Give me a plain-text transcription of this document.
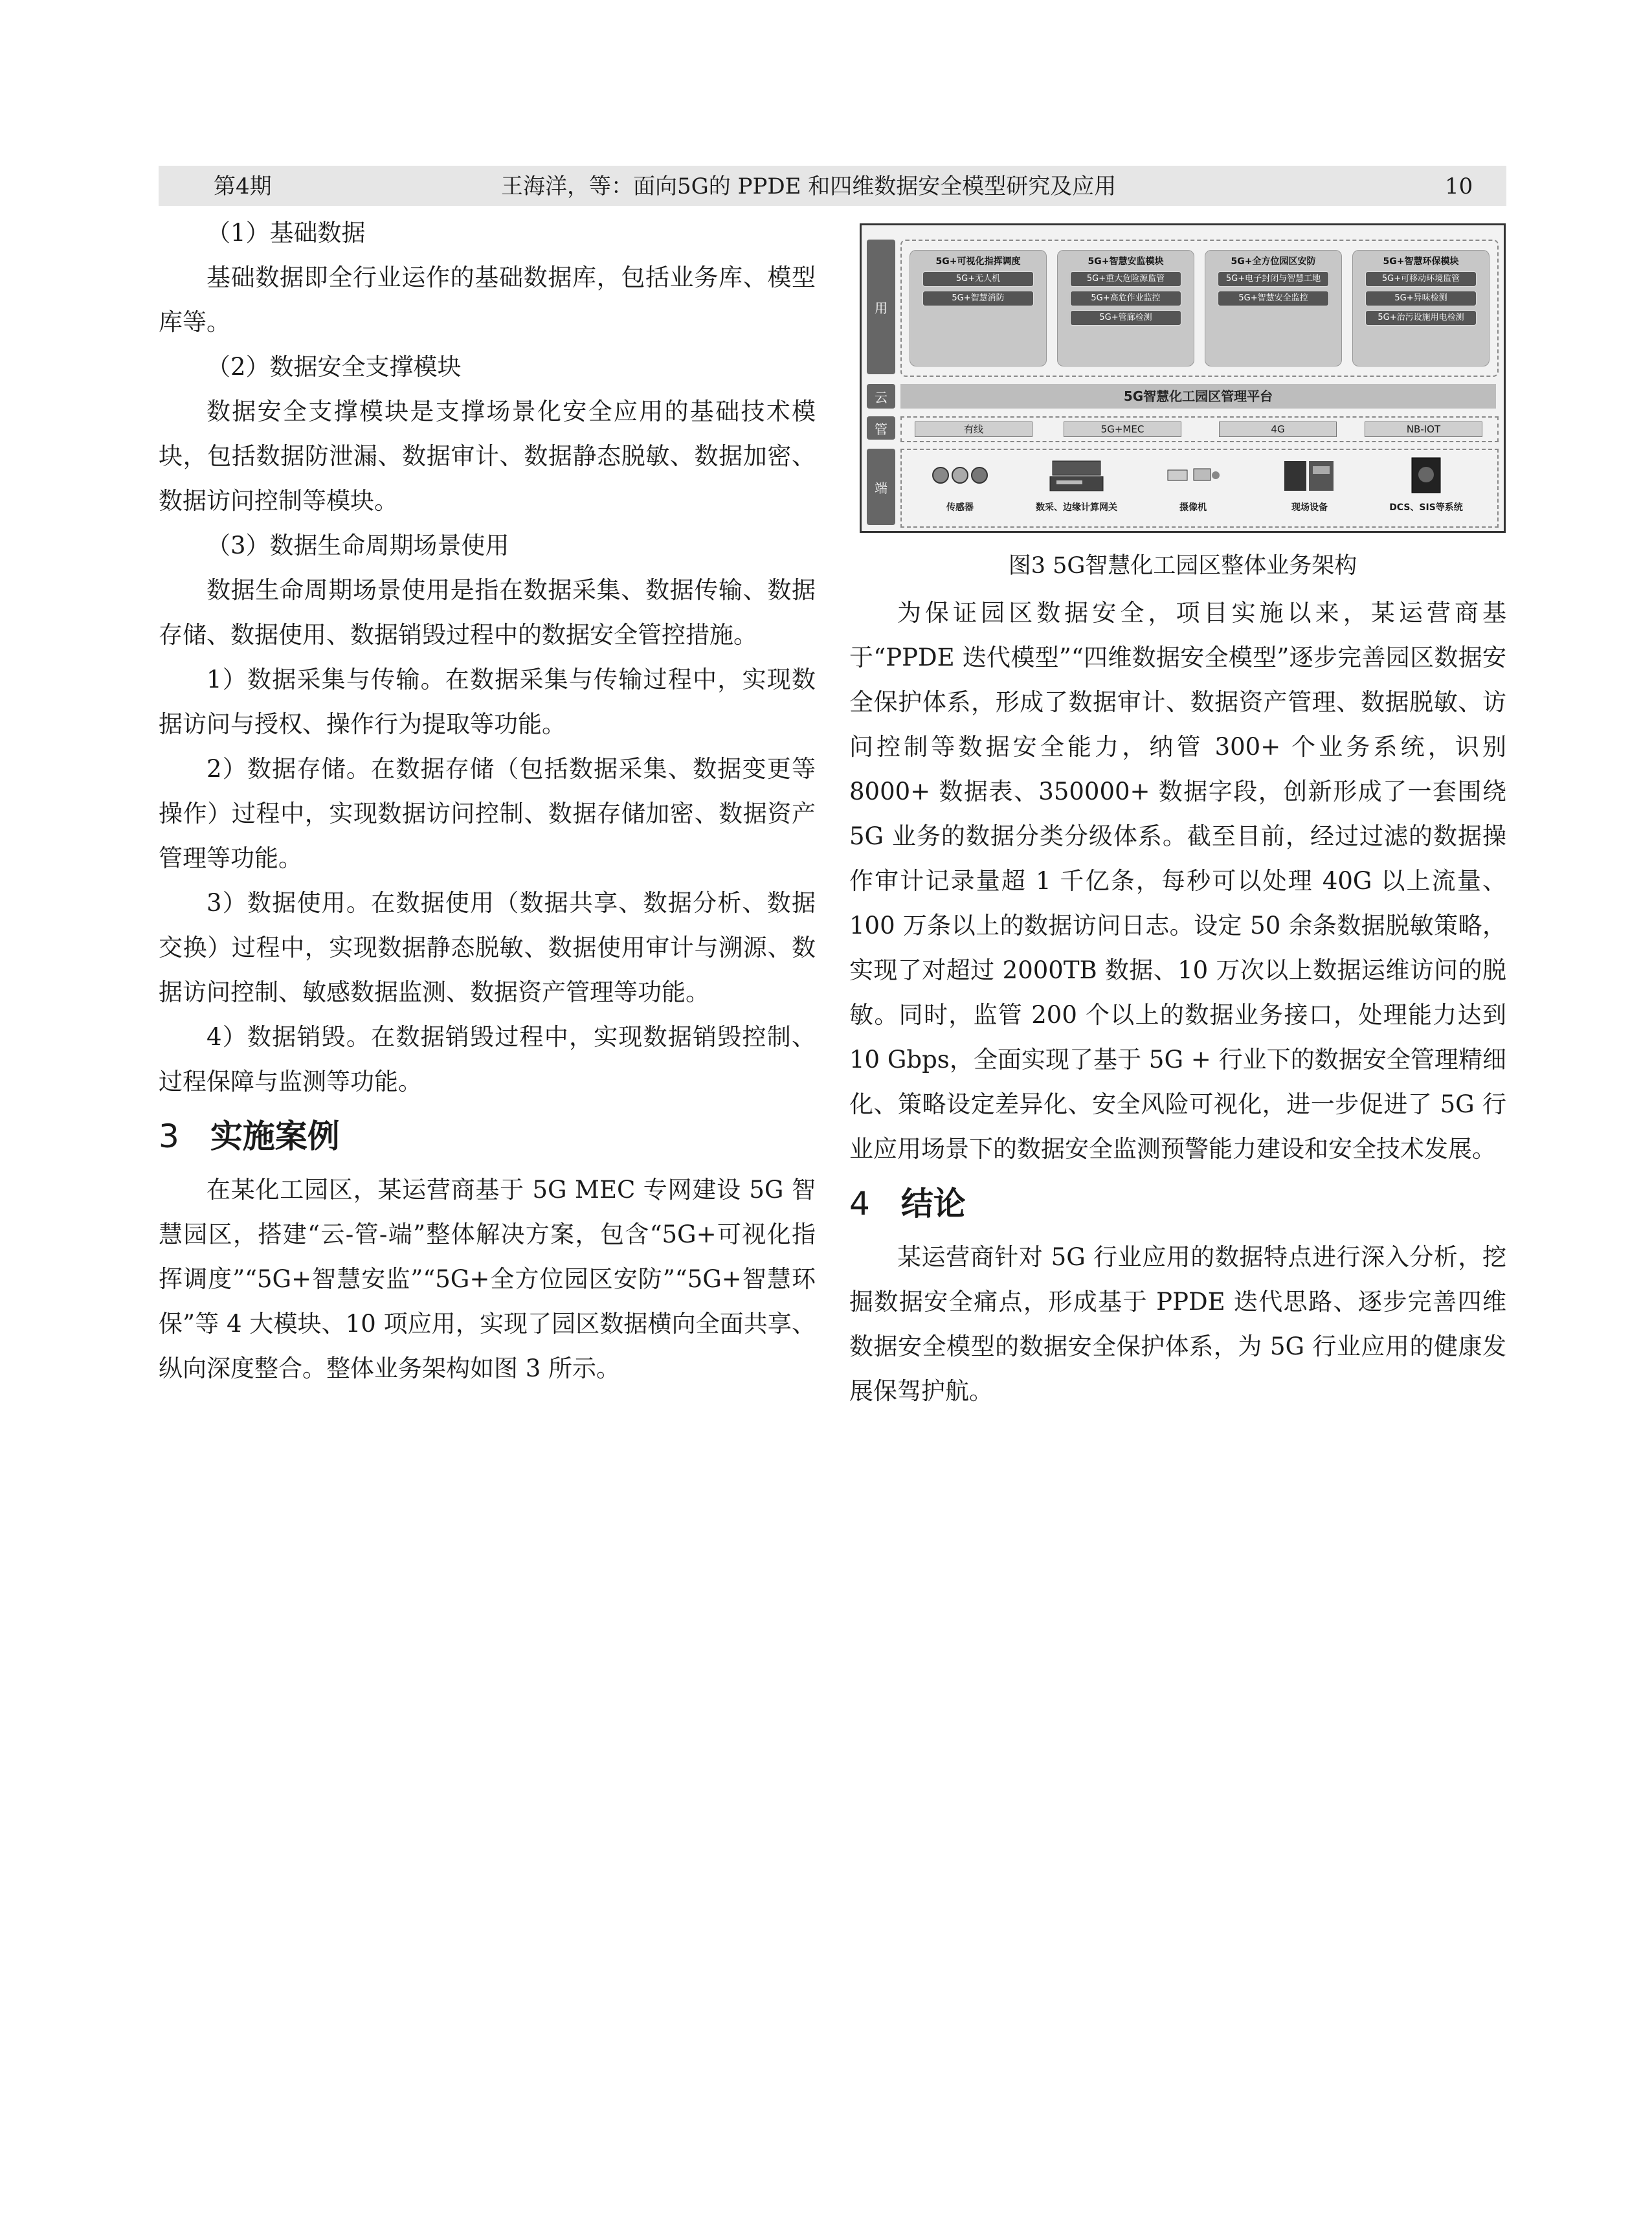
第4期	王海洋，等：面向5G的 PPDE 和四维数据安全模型研究及应用	10

（1）基础数据

基础数据即全行业运作的基础数据库，包括业务库、模型库等。

（2）数据安全支撑模块

数据安全支撑模块是支撑场景化安全应用的基础技术模块，包括数据防泄漏、数据审计、数据静态脱敏、数据加密、数据访问控制等模块。

（3）数据生命周期场景使用

数据生命周期场景使用是指在数据采集、数据传输、数据存储、数据使用、数据销毁过程中的数据安全管控措施。

1）数据采集与传输。在数据采集与传输过程中，实现数据访问与授权、操作行为提取等功能。

2）数据存储。在数据存储（包括数据采集、数据变更等操作）过程中，实现数据访问控制、数据存储加密、数据资产管理等功能。

3）数据使用。在数据使用（数据共享、数据分析、数据交换）过程中，实现数据静态脱敏、数据使用审计与溯源、数据访问控制、敏感数据监测、数据资产管理等功能。

4）数据销毁。在数据销毁过程中，实现数据销毁控制、过程保障与监测等功能。

3 实施案例

在某化工园区，某运营商基于 5G MEC 专网建设 5G 智慧园区，搭建“云-管-端”整体解决方案，包含“5G+可视化指挥调度”“5G+智慧安监”“5G+全方位园区安防”“5G+智慧环保”等 4 大模块、10 项应用，实现了园区数据横向全面共享、纵向深度整合。整体业务架构如图 3 所示。

用
云
管
端
5G+可视化指挥调度
5G+无人机
5G+智慧消防
5G+智慧安监模块
5G+重大危险源监管
5G+高危作业监控
5G+管廊检测
5G+全方位园区安防
5G+电子封闭与智慧工地
5G+智慧安全监控
5G+智慧环保模块
5G+可移动环境监管
5G+异味检测
5G+治污设施用电检测
5G智慧化工园区管理平台
有线	5G+MEC	4G	NB-IOT
传感器	数采、边缘计算网关	摄像机	现场设备	DCS、SIS等系统
图3 5G智慧化工园区整体业务架构

为保证园区数据安全，项目实施以来，某运营商基于“PPDE 迭代模型”“四维数据安全模型”逐步完善园区数据安全保护体系，形成了数据审计、数据资产管理、数据脱敏、访问控制等数据安全能力，纳管 300+ 个业务系统，识别 8000+ 数据表、350000+ 数据字段，创新形成了一套围绕 5G 业务的数据分类分级体系。截至目前，经过过滤的数据操作审计记录量超 1 千亿条，每秒可以处理 40G 以上流量、100 万条以上的数据访问日志。设定 50 余条数据脱敏策略，实现了对超过 2000TB 数据、10 万次以上数据运维访问的脱敏。同时，监管 200 个以上的数据业务接口，处理能力达到 10 Gbps，全面实现了基于 5G + 行业下的数据安全管理精细化、策略设定差异化、安全风险可视化，进一步促进了 5G 行业应用场景下的数据安全监测预警能力建设和安全技术发展。

4 结论

某运营商针对 5G 行业应用的数据特点进行深入分析，挖掘数据安全痛点，形成基于 PPDE 迭代思路、逐步完善四维数据安全模型的数据安全保护体系，为 5G 行业应用的健康发展保驾护航。
